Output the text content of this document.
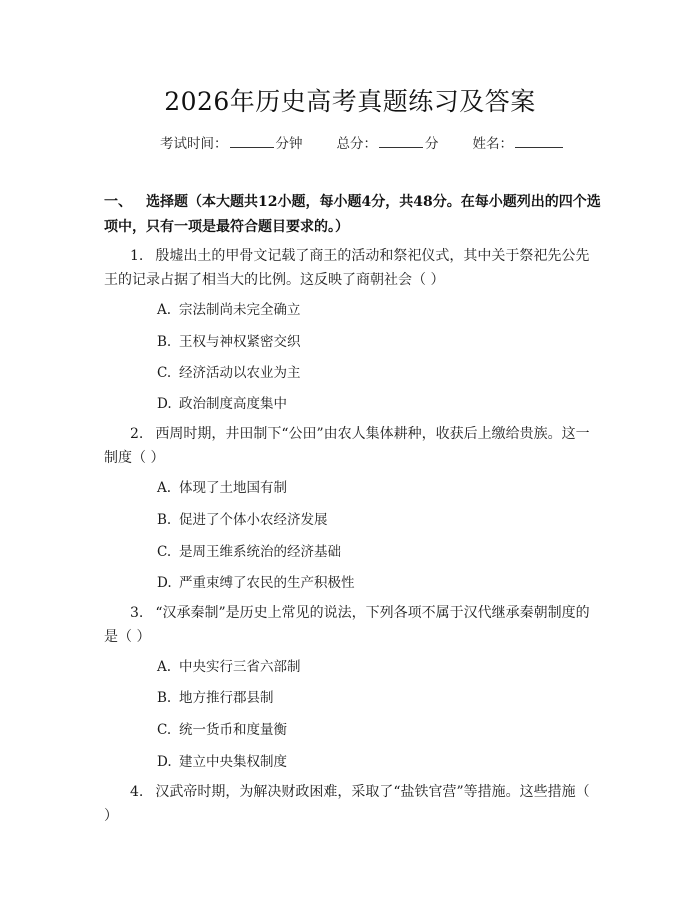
2026年历史高考真题练习及答案
考试时间：	分钟	总分：	分	姓名：
一、 选择题（本大题共12小题，每小题4分，共48分。在每小题列出的四个选项中，只有一项是最符合题目要求的。）
1. 殷墟出土的甲骨文记载了商王的活动和祭祀仪式，其中关于祭祀先公先王的记录占据了相当大的比例。这反映了商朝社会（ ）
A. 宗法制尚未完全确立
B. 王权与神权紧密交织
C. 经济活动以农业为主
D. 政治制度高度集中
2. 西周时期，井田制下“公田”由农人集体耕种，收获后上缴给贵族。这一制度（ ）
A. 体现了土地国有制
B. 促进了个体小农经济发展
C. 是周王维系统治的经济基础
D. 严重束缚了农民的生产积极性
3. “汉承秦制”是历史上常见的说法，下列各项不属于汉代继承秦朝制度的是（ ）
A. 中央实行三省六部制
B. 地方推行郡县制
C. 统一货币和度量衡
D. 建立中央集权制度
4. 汉武帝时期，为解决财政困难，采取了“盐铁官营”等措施。这些措施（ ）
